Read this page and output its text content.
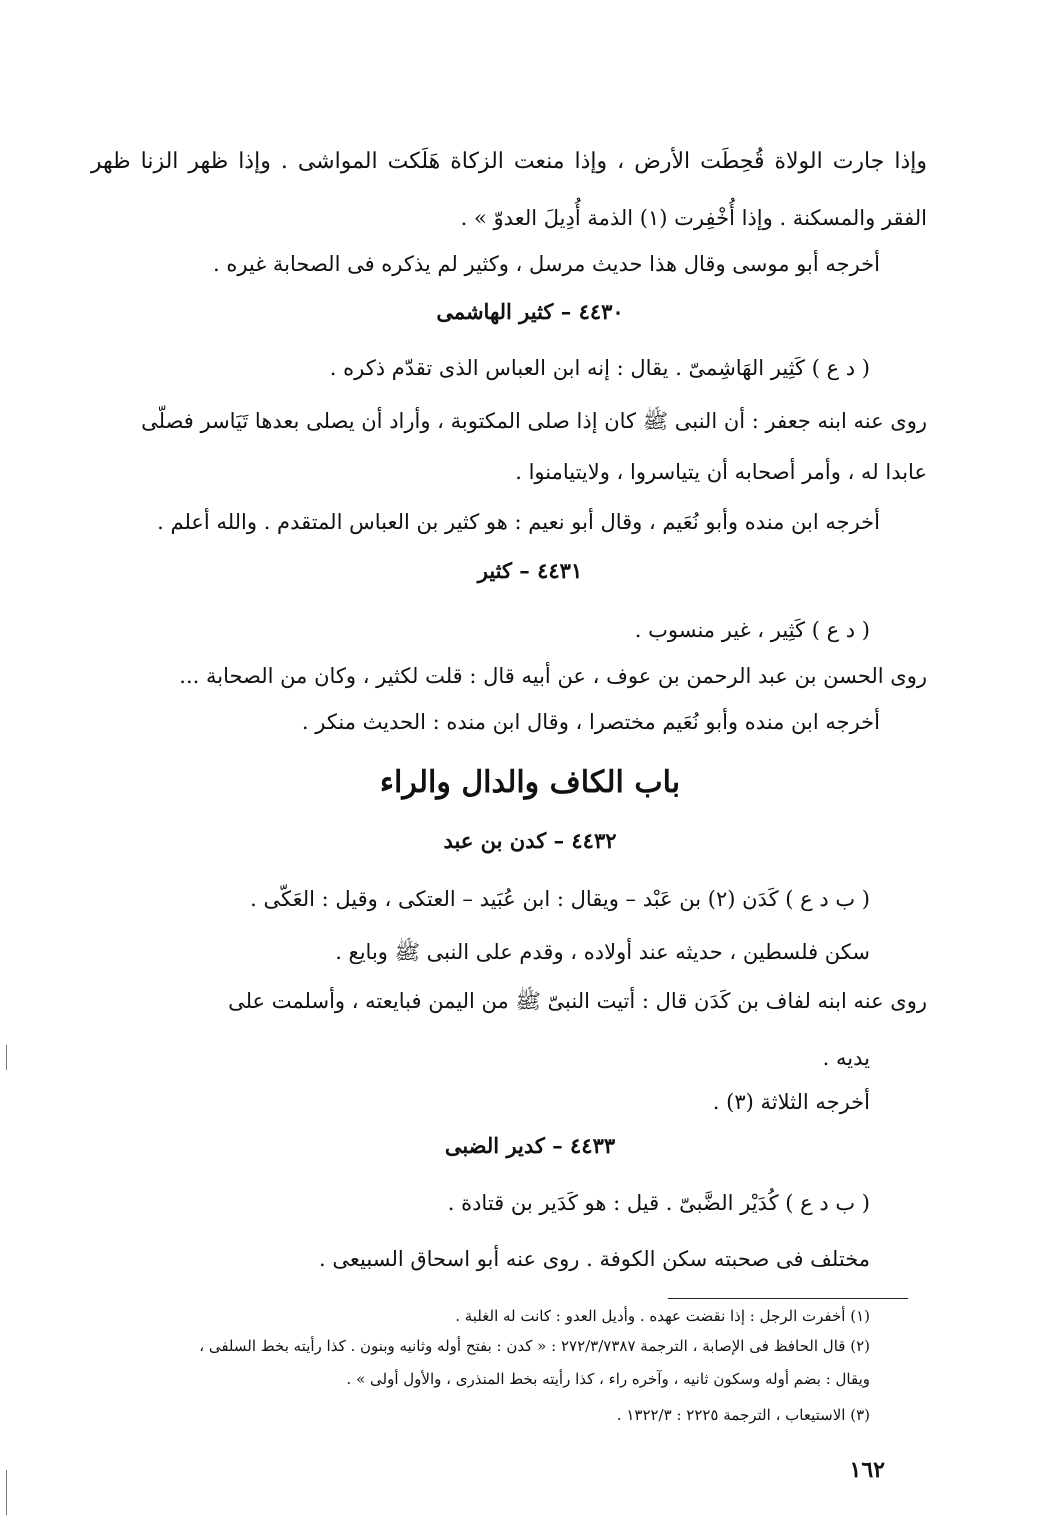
وإذا جارت الولاة قُحِطَت الأرض ، وإذا منعت الزكاة هَلَكت المواشى . وإذا ظهر الزنا ظهر
الفقر والمسكنة . وإذا أُخْفِرت (١) الذمة أُدِيلَ العدوّ » .
أخرجه أبو موسى وقال هذا حديث مرسل ، وكثير لم يذكره فى الصحابة غيره .
٤٤٣٠ – كثير الهاشمى
( د ع ) كَثِير الهَاشِمىّ . يقال : إنه ابن العباس الذى تقدّم ذكره .
روى عنه ابنه جعفر : أن النبى ﷺ كان إذا صلى المكتوبة ، وأراد أن يصلى بعدها تَيَاسر فصلّى
عابدا له ، وأمر أصحابه أن يتياسروا ، ولايتيامنوا .
أخرجه ابن منده وأبو نُعَيم ، وقال أبو نعيم : هو كثير بن العباس المتقدم . والله أعلم .
٤٤٣١ – كثير
( د ع ) كَثِير ، غير منسوب .
روى الحسن بن عبد الرحمن بن عوف ، عن أبيه قال : قلت لكثير ، وكان من الصحابة ...
أخرجه ابن منده وأبو نُعَيم مختصرا ، وقال ابن منده : الحديث منكر .
باب الكاف والدال والراء
٤٤٣٢ – كدن بن عبد
( ب د ع ) كَدَن (٢) بن عَبْد – ويقال : ابن عُبَيد – العتكى ، وقيل : العَكّى .
سكن فلسطين ، حديثه عند أولاده ، وقدم على النبى ﷺ وبايع .
روى عنه ابنه لفاف بن كَدَن قال : أتيت النبىّ ﷺ من اليمن فبايعته ، وأسلمت على
يديه .
أخرجه الثلاثة (٣) .
٤٤٣٣ – كدير الضبى
( ب د ع ) كُدَيْر الضَّبىّ . قيل : هو كَدَير بن قتادة .
مختلف فى صحبته سكن الكوفة . روى عنه أبو اسحاق السبيعى .
(١) أخفرت الرجل : إذا نقضت عهده . وأديل العدو : كانت له الغلبة .
(٢) قال الحافظ فى الإصابة ، الترجمة ٢٧٢/٣/٧٣٨٧ : « كدن : بفتح أوله وثانيه وبنون . كذا رأيته بخط السلفى ،
ويقال : بضم أوله وسكون ثانيه ، وآخره راء ، كذا رأيته بخط المنذرى ، والأول أولى » .
(٣) الاستيعاب ، الترجمة ٢٢٢٥ : ١٣٢٢/٣ .
١٦٢
